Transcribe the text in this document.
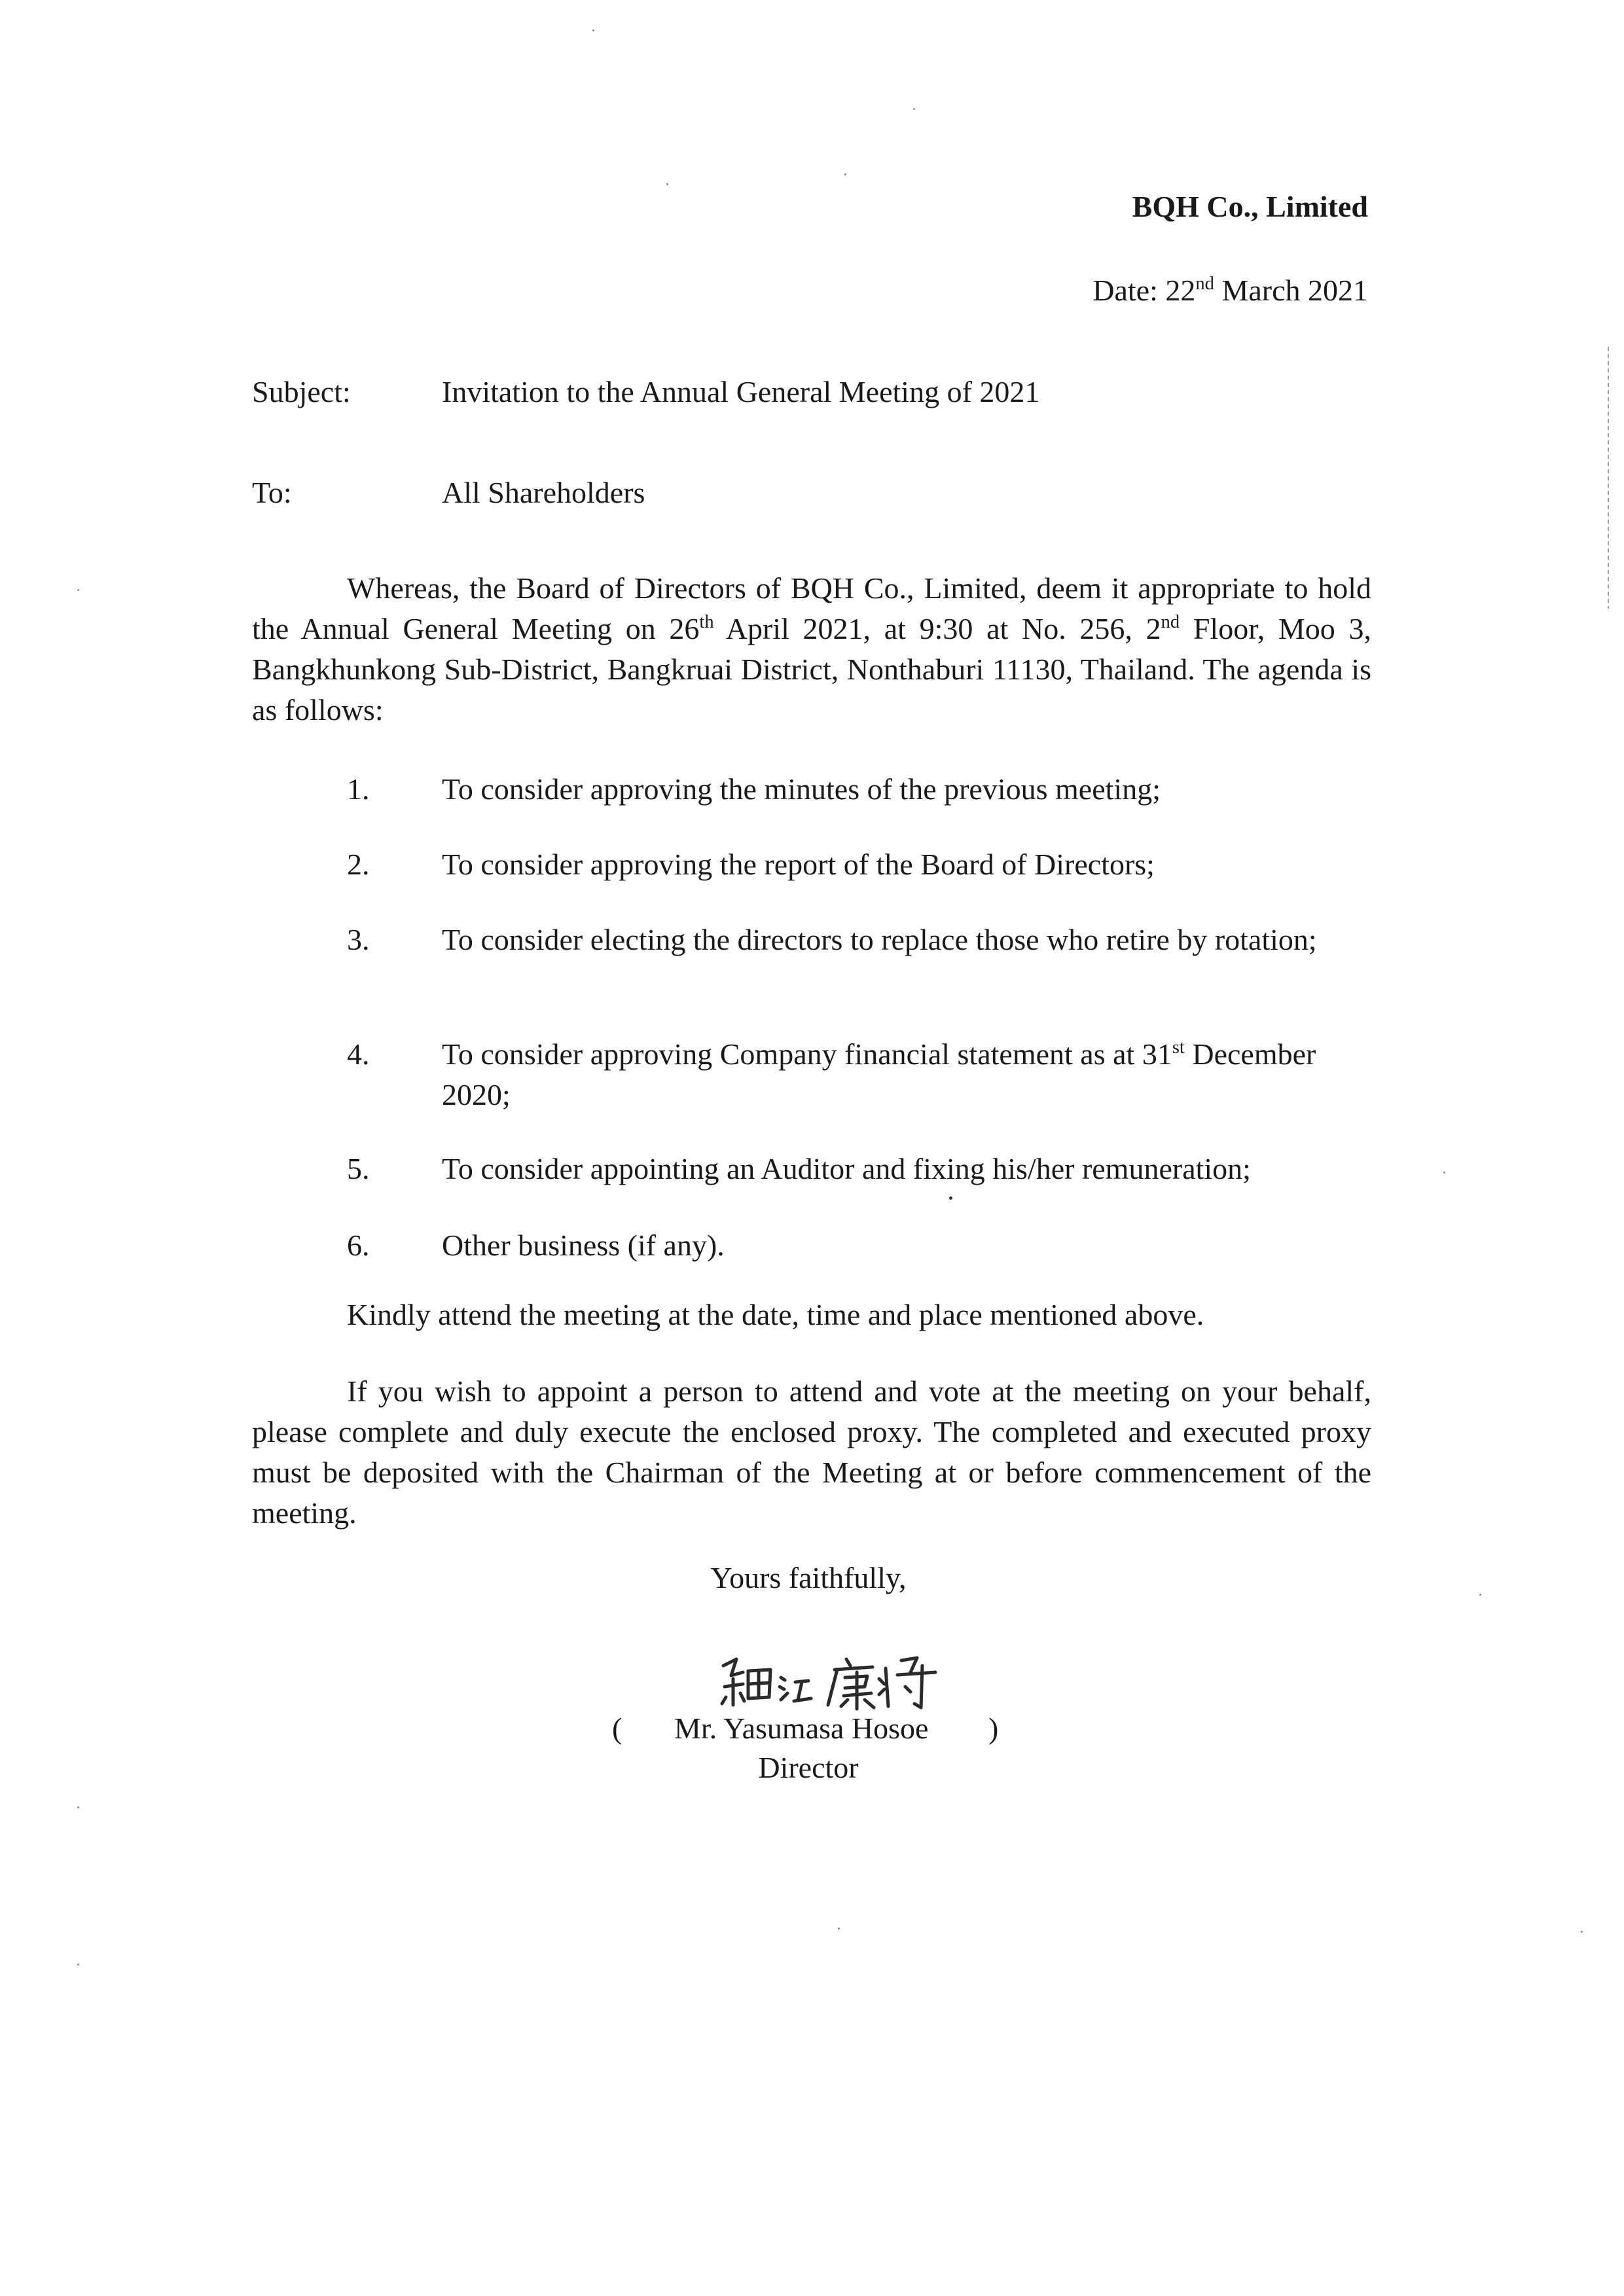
BQH Co., Limited
Date: 22nd March 2021
Subject:	Invitation to the Annual General Meeting of 2021
To:	All Shareholders
Whereas, the Board of Directors of BQH Co., Limited, deem it appropriate to hold the Annual General Meeting on 26th April 2021, at 9:30 at No. 256, 2nd Floor, Moo 3, Bangkhunkong Sub-District, Bangkruai District, Nonthaburi 11130, Thailand. The agenda is as follows:
1. To consider approving the minutes of the previous meeting;
2. To consider approving the report of the Board of Directors;
3. To consider electing the directors to replace those who retire by rotation;
4. To consider approving Company financial statement as at 31st December 2020;
5. To consider appointing an Auditor and fixing his/her remuneration;
6. Other business (if any).
Kindly attend the meeting at the date, time and place mentioned above.
If you wish to appoint a person to attend and vote at the meeting on your behalf, please complete and duly execute the enclosed proxy. The completed and executed proxy must be deposited with the Chairman of the Meeting at or before commencement of the meeting.
Yours faithfully,
( Mr. Yasumasa Hosoe )
Director
